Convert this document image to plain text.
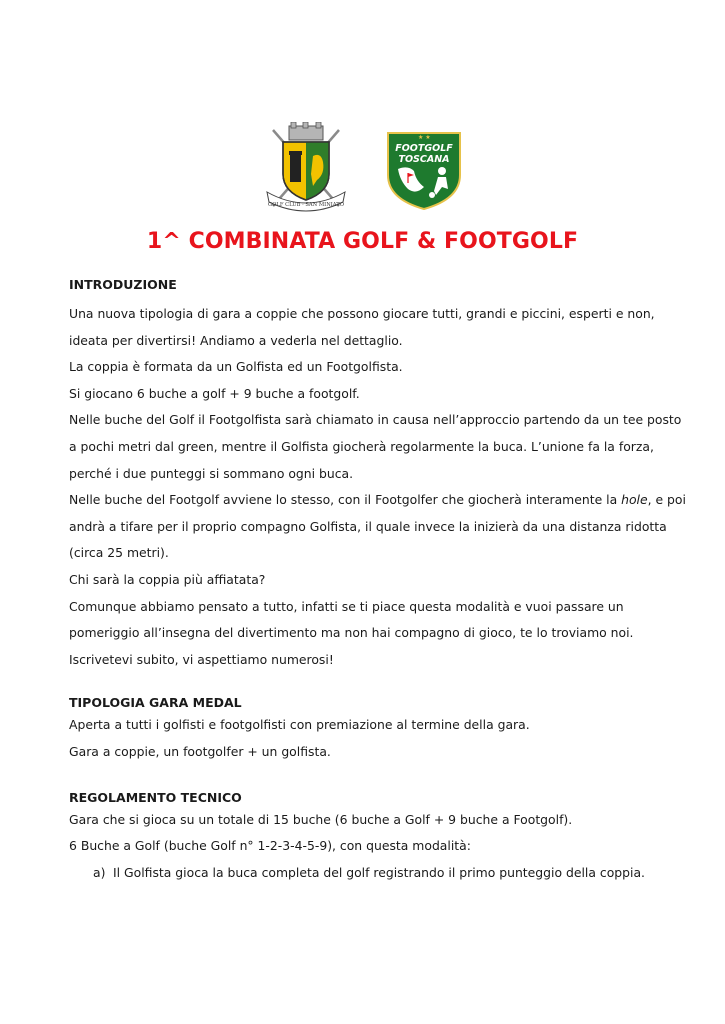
GOLF CLUB · SAN MINIATO
★ ★
FOOTGOLF
TOSCANA
1^ COMBINATA GOLF & FOOTGOLF
INTRODUZIONE

Una nuova tipologia di gara a coppie che possono giocare tutti, grandi e piccini, esperti e non,

ideata per divertirsi! Andiamo a vederla nel dettaglio.

La coppia è formata da un Golfista ed un Footgolfista.

Si giocano 6 buche a golf + 9 buche a footgolf.

Nelle buche del Golf il Footgolfista sarà chiamato in causa nell’approccio partendo da un tee posto

a pochi metri dal green, mentre il Golfista giocherà regolarmente la buca. L’unione fa la forza,

perché i due punteggi si sommano ogni buca.

Nelle buche del Footgolf avviene lo stesso, con il Footgolfer che giocherà interamente la hole, e poi

andrà a tifare per il proprio compagno Golfista, il quale invece la inizierà da una distanza ridotta

(circa 25 metri).

Chi sarà la coppia più affiatata?

Comunque abbiamo pensato a tutto, infatti se ti piace questa modalità e vuoi passare un

pomeriggio all’insegna del divertimento ma non hai compagno di gioco, te lo troviamo noi.

Iscrivetevi subito, vi aspettiamo numerosi!

TIPOLOGIA GARA MEDAL

Aperta a tutti i golfisti e footgolfisti con premiazione al termine della gara.

Gara a coppie, un footgolfer + un golfista.

REGOLAMENTO TECNICO

Gara che si gioca su un totale di 15 buche (6 buche a Golf + 9 buche a Footgolf).

6 Buche a Golf (buche Golf n° 1-2-3-4-5-9), con questa modalità:

a) Il Golfista gioca la buca completa del golf registrando il primo punteggio della coppia.
